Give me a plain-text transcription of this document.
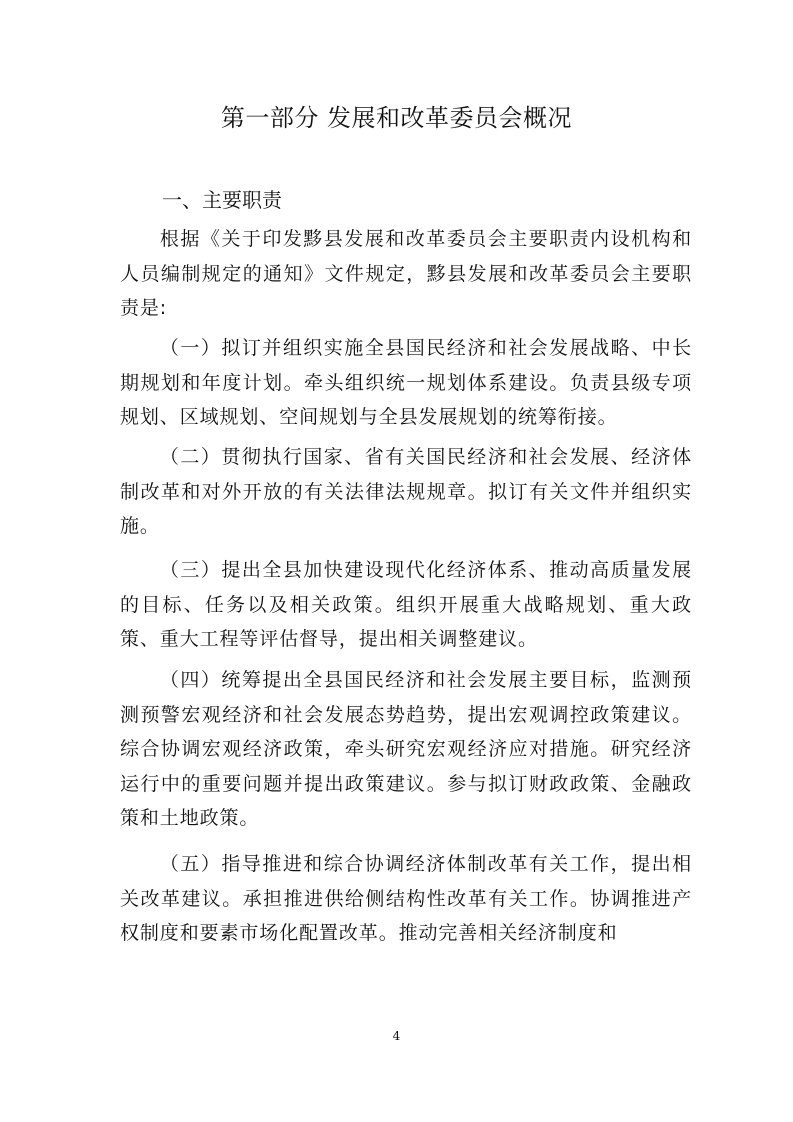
第一部分 发展和改革委员会概况
一、主要职责

根据《关于印发黟县发展和改革委员会主要职责内设机构和人员编制规定的通知》文件规定，黟县发展和改革委员会主要职责是:

（一）拟订并组织实施全县国民经济和社会发展战略、中长期规划和年度计划。牵头组织统一规划体系建设。负责县级专项规划、区域规划、空间规划与全县发展规划的统筹衔接。

（二）贯彻执行国家、省有关国民经济和社会发展、经济体制改革和对外开放的有关法律法规规章。拟订有关文件并组织实施。

（三）提出全县加快建设现代化经济体系、推动高质量发展的目标、任务以及相关政策。组织开展重大战略规划、重大政策、重大工程等评估督导，提出相关调整建议。

（四）统筹提出全县国民经济和社会发展主要目标，监测预测预警宏观经济和社会发展态势趋势，提出宏观调控政策建议。综合协调宏观经济政策，牵头研究宏观经济应对措施。研究经济运行中的重要问题并提出政策建议。参与拟订财政政策、金融政策和土地政策。

（五）指导推进和综合协调经济体制改革有关工作，提出相关改革建议。承担推进供给侧结构性改革有关工作。协调推进产权制度和要素市场化配置改革。推动完善相关经济制度和

4
